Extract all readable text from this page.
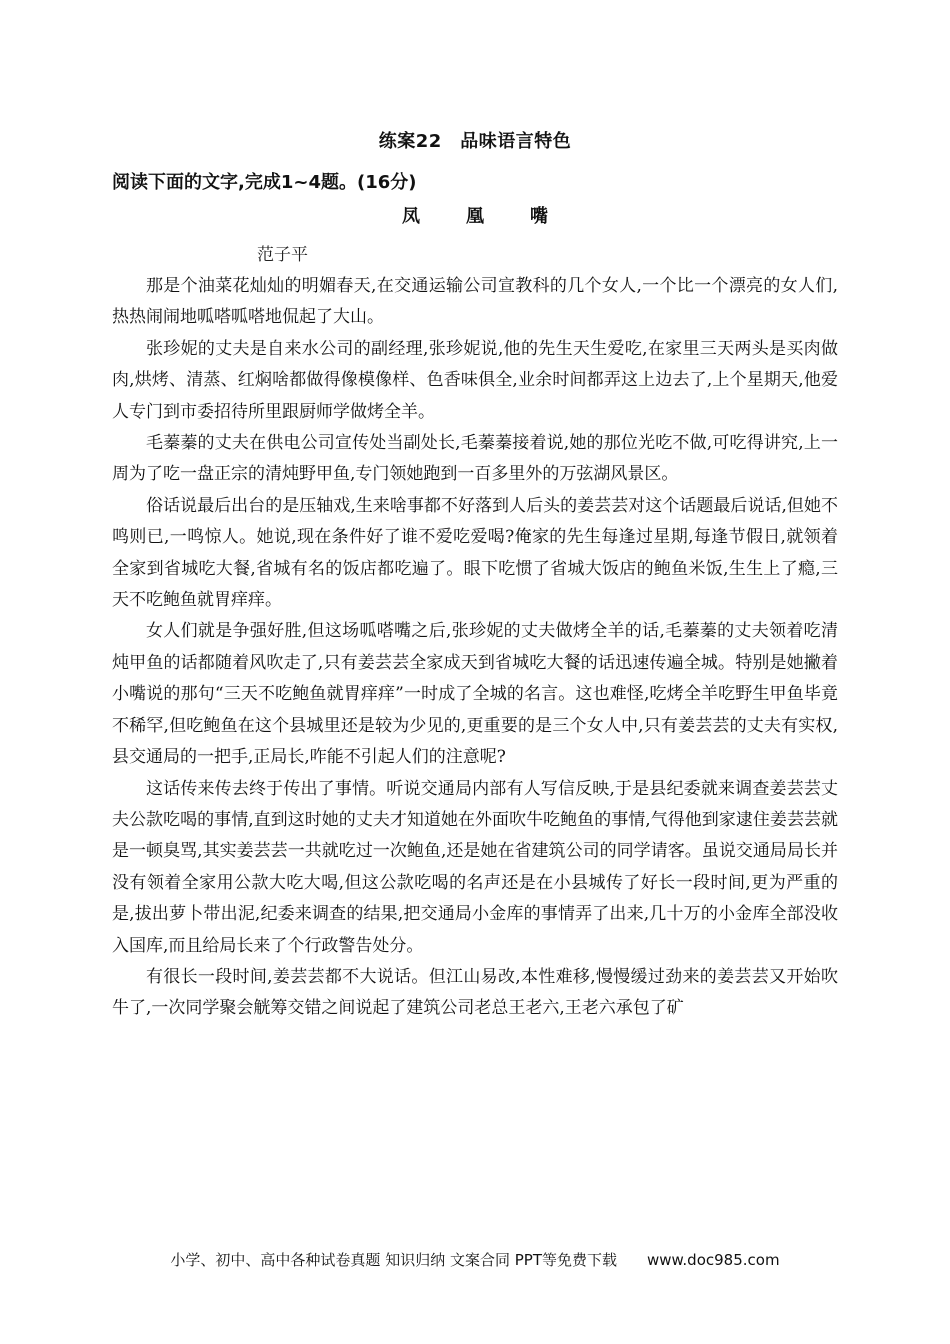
练案22　品味语言特色
阅读下面的文字,完成1~4题。(16分)
凤　凰　嘴
范子平

那是个油菜花灿灿的明媚春天,在交通运输公司宣教科的几个女人,一个比一个漂亮的女人们,热热闹闹地呱嗒呱嗒地侃起了大山。

张珍妮的丈夫是自来水公司的副经理,张珍妮说,他的先生天生爱吃,在家里三天两头是买肉做肉,烘烤、清蒸、红焖啥都做得像模像样、色香味俱全,业余时间都弄这上边去了,上个星期天,他爱人专门到市委招待所里跟厨师学做烤全羊。

毛蓁蓁的丈夫在供电公司宣传处当副处长,毛蓁蓁接着说,她的那位光吃不做,可吃得讲究,上一周为了吃一盘正宗的清炖野甲鱼,专门领她跑到一百多里外的万弦湖风景区。

俗话说最后出台的是压轴戏,生来啥事都不好落到人后头的姜芸芸对这个话题最后说话,但她不鸣则已,一鸣惊人。她说,现在条件好了谁不爱吃爱喝?俺家的先生每逢过星期,每逢节假日,就领着全家到省城吃大餐,省城有名的饭店都吃遍了。眼下吃惯了省城大饭店的鲍鱼米饭,生生上了瘾,三天不吃鲍鱼就胃痒痒。

女人们就是争强好胜,但这场呱嗒嘴之后,张珍妮的丈夫做烤全羊的话,毛蓁蓁的丈夫领着吃清炖甲鱼的话都随着风吹走了,只有姜芸芸全家成天到省城吃大餐的话迅速传遍全城。特别是她撇着小嘴说的那句“三天不吃鲍鱼就胃痒痒”一时成了全城的名言。这也难怪,吃烤全羊吃野生甲鱼毕竟不稀罕,但吃鲍鱼在这个县城里还是较为少见的,更重要的是三个女人中,只有姜芸芸的丈夫有实权,县交通局的一把手,正局长,咋能不引起人们的注意呢?

这话传来传去终于传出了事情。听说交通局内部有人写信反映,于是县纪委就来调查姜芸芸丈夫公款吃喝的事情,直到这时她的丈夫才知道她在外面吹牛吃鲍鱼的事情,气得他到家逮住姜芸芸就是一顿臭骂,其实姜芸芸一共就吃过一次鲍鱼,还是她在省建筑公司的同学请客。虽说交通局局长并没有领着全家用公款大吃大喝,但这公款吃喝的名声还是在小县城传了好长一段时间,更为严重的是,拔出萝卜带出泥,纪委来调查的结果,把交通局小金库的事情弄了出来,几十万的小金库全部没收入国库,而且给局长来了个行政警告处分。

有很长一段时间,姜芸芸都不大说话。但江山易改,本性难移,慢慢缓过劲来的姜芸芸又开始吹牛了,一次同学聚会觥筹交错之间说起了建筑公司老总王老六,王老六承包了矿

小学、初中、高中各种试卷真题 知识归纳 文案合同 PPT等免费下载　　www.doc985.com
